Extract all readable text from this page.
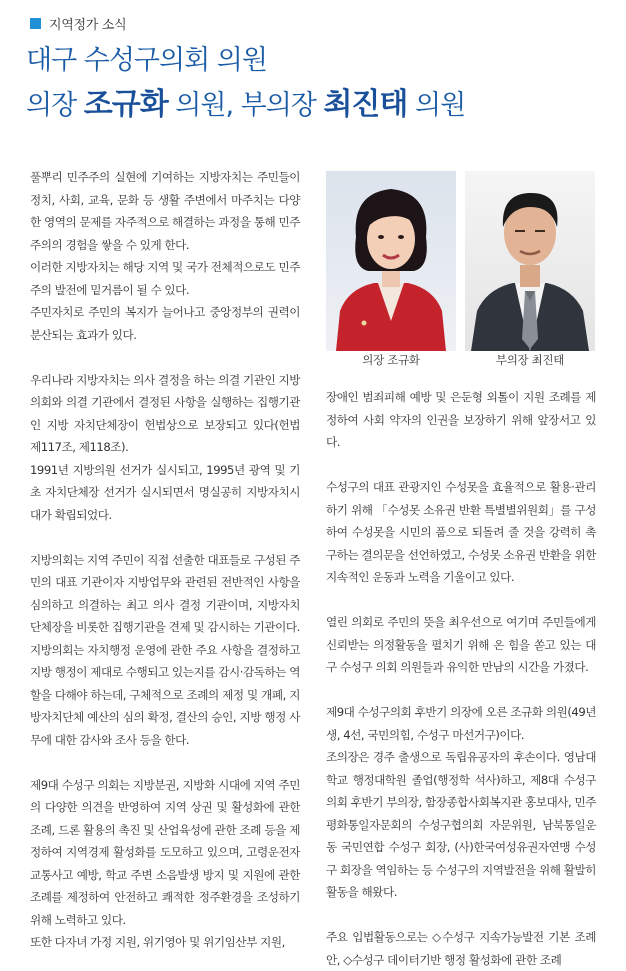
지역정가 소식
대구 수성구의회 의원
의장 조규화 의원, 부의장 최진태 의원

풀뿌리 민주주의 실현에 기여하는 지방자치는 주민들이 정치, 사회, 교육, 문화 등 생활 주변에서 마주치는 다양한 영역의 문제를 자주적으로 해결하는 과정을 통해 민주주의의 경험을 쌓을 수 있게 한다.

이러한 지방자치는 해당 지역 및 국가 전체적으로도 민주주의 발전에 밑거름이 될 수 있다.

주민자치로 주민의 복지가 늘어나고 중앙정부의 권력이 분산되는 효과가 있다.

우리나라 지방자치는 의사 결정을 하는 의결 기관인 지방의회와 의결 기관에서 결정된 사항을 실행하는 집행기관인 지방 자치단체장이 헌법상으로 보장되고 있다(헌법 제117조, 제118조).

1991년 지방의원 선거가 실시되고, 1995년 광역 및 기초 자치단체장 선거가 실시되면서 명실공히 지방자치시대가 확립되었다.

지방의회는 지역 주민이 직접 선출한 대표들로 구성된 주민의 대표 기관이자 지방업무와 관련된 전반적인 사항을 심의하고 의결하는 최고 의사 결정 기관이며, 지방자치 단체장을 비롯한 집행기관을 견제 및 감시하는 기관이다.

지방의회는 자치행정 운영에 관한 주요 사항을 결정하고 지방 행정이 제대로 수행되고 있는지를 감시·감독하는 역할을 다해야 하는데, 구체적으로 조례의 제정 및 개폐, 지방자치단체 예산의 심의 확정, 결산의 승인, 지방 행정 사무에 대한 감사와 조사 등을 한다.

제9대 수성구 의회는 지방분권, 지방화 시대에 지역 주민의 다양한 의견을 반영하여 지역 상권 및 활성화에 관한 조례, 드론 활용의 촉진 및 산업육성에 관한 조례 등을 제정하여 지역경제 활성화를 도모하고 있으며, 고령운전자 교통사고 예방, 학교 주변 소음발생 방지 및 지원에 관한 조례를 제정하여 안전하고 쾌적한 정주환경을 조성하기 위해 노력하고 있다.

또한 다자녀 가정 지원, 위기영아 및 위기임산부 지원,

의장 조규화	부의장 최진태

장애인 범죄피해 예방 및 은둔형 외톨이 지원 조례를 제정하여 사회 약자의 인권을 보장하기 위해 앞장서고 있다.

수성구의 대표 관광지인 수성못을 효율적으로 활용·관리하기 위해 「수성못 소유권 반환 특별별위원회」를 구성하여 수성못을 시민의 품으로 되돌려 줄 것을 강력히 촉구하는 결의문을 선언하였고, 수성못 소유권 반환을 위한 지속적인 운동과 노력을 기울이고 있다.

열린 의회로 주민의 뜻을 최우선으로 여기며 주민들에게 신뢰받는 의정활동을 펼치기 위해 온 힘을 쏟고 있는 대구 수성구 의회 의원들과 유익한 만남의 시간을 가졌다.

제9대 수성구의회 후반기 의장에 오른 조규화 의원(49년생, 4선, 국민의힘, 수성구 마선거구)이다.

조의장은 경주 출생으로 독립유공자의 후손이다. 영남대학교 행정대학원 졸업(행정학 석사)하고, 제8대 수성구의회 후반기 부의장, 함장종합사회복지관 홍보대사, 민주평화통일자문회의 수성구협의회 자문위원, 남북통일운동 국민연합 수성구 회장, (사)한국여성유권자연맹 수성구 회장을 역임하는 등 수성구의 지역발전을 위해 활발히 활동을 해왔다.

주요 입법활동으로는 ◇수성구 지속가능발전 기본 조례안, ◇수성구 데이터기반 행정 활성화에 관한 조례
